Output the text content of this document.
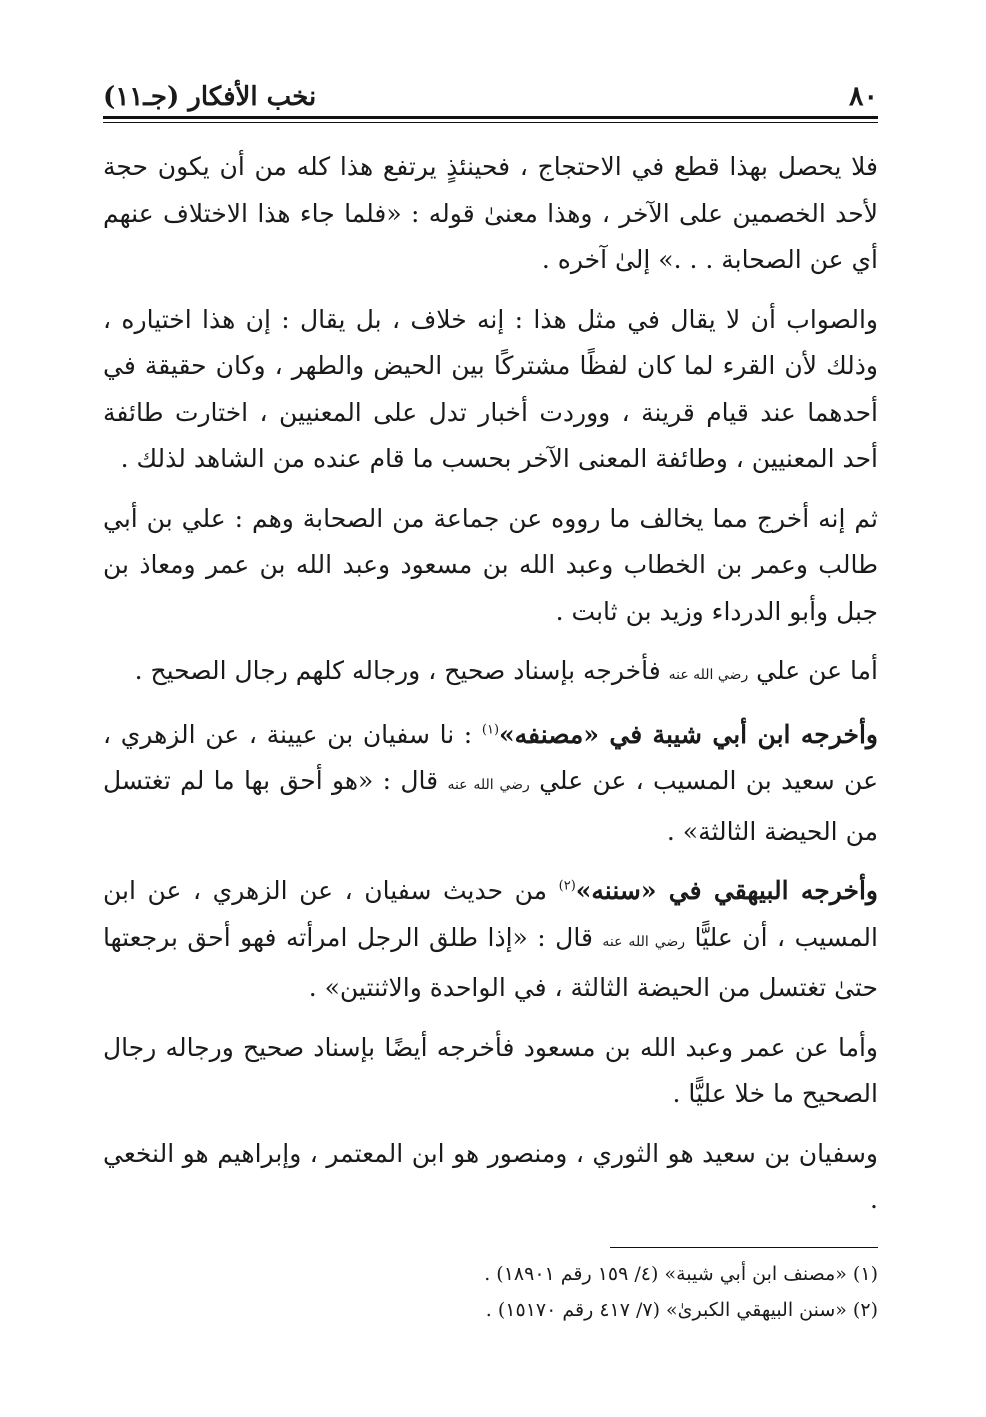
٨٠
نخب الأفكار (جـ١١)

فلا يحصل بهذا قطع في الاحتجاج ، فحينئذٍ يرتفع هذا كله من أن يكون حجة لأحد الخصمين على الآخر ، وهذا معنىٰ قوله : «فلما جاء هذا الاختلاف عنهم أي عن الصحابة . . .» إلىٰ آخره .

والصواب أن لا يقال في مثل هذا : إنه خلاف ، بل يقال : إن هذا اختياره ، وذلك لأن القرء لما كان لفظًا مشتركًا بين الحيض والطهر ، وكان حقيقة في أحدهما عند قيام قرينة ، ووردت أخبار تدل على المعنيين ، اختارت طائفة أحد المعنيين ، وطائفة المعنى الآخر بحسب ما قام عنده من الشاهد لذلك .

ثم إنه أخرج مما يخالف ما رووه عن جماعة من الصحابة وهم : علي بن أبي طالب وعمر بن الخطاب وعبد الله بن مسعود وعبد الله بن عمر ومعاذ بن جبل وأبو الدرداء وزيد بن ثابت .

أما عن علي رضي الله عنه فأخرجه بإسناد صحيح ، ورجاله كلهم رجال الصحيح .

وأخرجه ابن أبي شيبة في «مصنفه»$^{(١)}$ : نا سفيان بن عيينة ، عن الزهري ، عن سعيد بن المسيب ، عن علي رضي الله عنه قال : «هو أحق بها ما لم تغتسل من الحيضة الثالثة» .

وأخرجه البيهقي في «سننه»$^{(٢)}$ من حديث سفيان ، عن الزهري ، عن ابن المسيب ، أن عليًّا رضي الله عنه قال : «إذا طلق الرجل امرأته فهو أحق برجعتها حتىٰ تغتسل من الحيضة الثالثة ، في الواحدة والاثنتين» .

وأما عن عمر وعبد الله بن مسعود فأخرجه أيضًا بإسناد صحيح ورجاله رجال الصحيح ما خلا عليًّا .

وسفيان بن سعيد هو الثوري ، ومنصور هو ابن المعتمر ، وإبراهيم هو النخعي .

(١) «مصنف ابن أبي شيبة» (٤/ ١٥٩ رقم ١٨٩٠١) .

(٢) «سنن البيهقي الكبرىٰ» (٧/ ٤١٧ رقم ١٥١٧٠) .
